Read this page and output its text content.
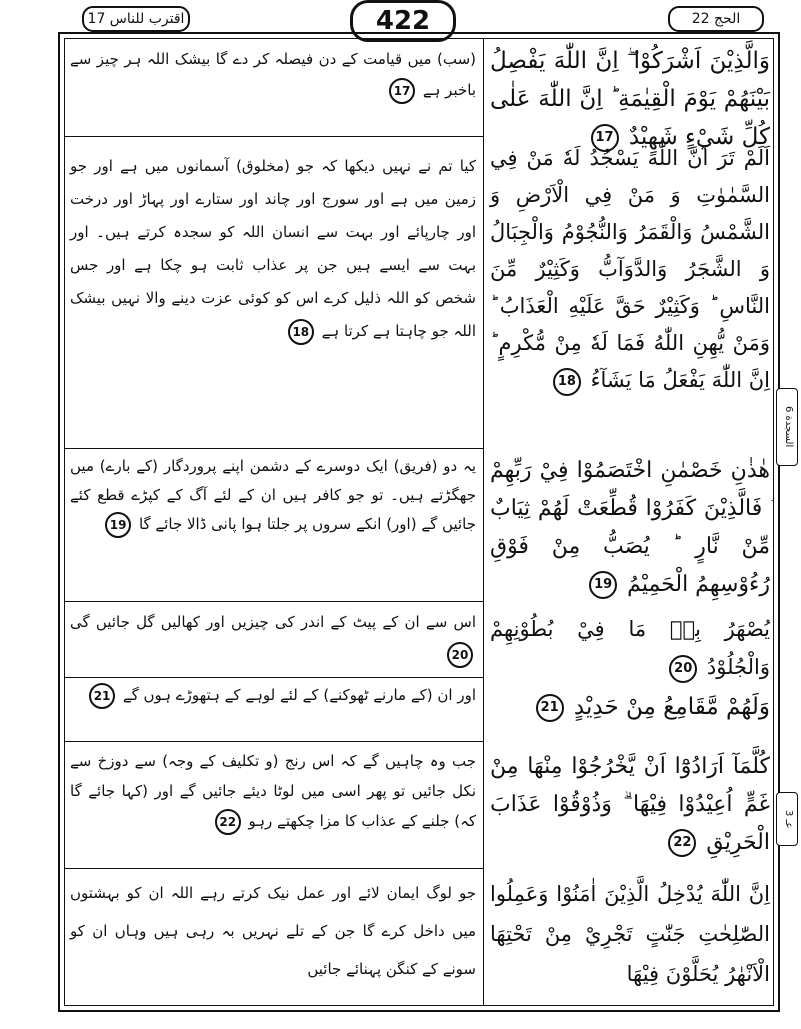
الحج 22
422
اقترب للناس 17
السجدة 6
عـ 3
وَالَّذِيْنَ اَشْرَكُوْا ۖ اِنَّ اللّٰهَ يَفْصِلُ بَيْنَهُمْ يَوْمَ الْقِيٰمَةِ ؕ اِنَّ اللّٰهَ عَلٰى كُلِّ شَيْءٍ شَهِيْدٌ 17
(سب) میں قیامت کے دن فیصلہ کر دے گا بیشک اللہ ہر چیز سے باخبر ہے 17
اَلَمْ تَرَ اَنَّ اللّٰهَ يَسْجُدُ لَهٗ مَنْ فِي السَّمٰوٰتِ وَ مَنْ فِي الْاَرْضِ وَ الشَّمْسُ وَالْقَمَرُ وَالنُّجُوْمُ وَالْجِبَالُ وَ الشَّجَرُ وَالدَّوَآبُّ وَكَثِيْرٌ مِّنَ النَّاسِ ؕ وَكَثِيْرٌ حَقَّ عَلَيْهِ الْعَذَابُ ؕ وَمَنْ يُّهِنِ اللّٰهُ فَمَا لَهٗ مِنْ مُّكْرِمٍ ؕ اِنَّ اللّٰهَ يَفْعَلُ مَا يَشَآءُ 18
کیا تم نے نہیں دیکھا کہ جو (مخلوق) آسمانوں میں ہے اور جو زمین میں ہے اور سورج اور چاند اور ستارے اور پہاڑ اور درخت اور چارپائے اور بہت سے انسان اللہ کو سجدہ کرتے ہیں۔ اور بہت سے ایسے ہیں جن پر عذاب ثابت ہو چکا ہے اور جس شخص کو اللہ ذلیل کرے اس کو کوئی عزت دینے والا نہیں بیشک اللہ جو چاہتا ہے کرتا ہے 18
هٰذٰنِ خَصْمٰنِ اخْتَصَمُوْا فِيْ رَبِّهِمْ ؗ فَالَّذِيْنَ كَفَرُوْا قُطِّعَتْ لَهُمْ ثِيَابٌ مِّنْ نَّارٍ ؕ يُصَبُّ مِنْ فَوْقِ رُءُوْسِهِمُ الْحَمِيْمُ 19
یہ دو (فریق) ایک دوسرے کے دشمن اپنے پروردگار (کے بارے) میں جھگڑتے ہیں۔ تو جو کافر ہیں ان کے لئے آگ کے کپڑے قطع کئے جائیں گے (اور) انکے سروں پر جلتا ہوا پانی ڈالا جائے گا 19
يُصْهَرُ بِهٖ مَا فِيْ بُطُوْنِهِمْ وَالْجُلُوْدُ 20
اس سے ان کے پیٹ کے اندر کی چیزیں اور کھالیں گل جائیں گی 20
وَلَهُمْ مَّقَامِعُ مِنْ حَدِيْدٍ 21
اور ان (کے مارنے ٹھوکنے) کے لئے لوہے کے ہتھوڑے ہوں گے 21
كُلَّمَآ اَرَادُوْٓا اَنْ يَّخْرُجُوْا مِنْهَا مِنْ غَمٍّ اُعِيْدُوْا فِيْهَا ۗ وَذُوْقُوْا عَذَابَ الْحَرِيْقِ 22
جب وہ چاہیں گے کہ اس رنج (و تکلیف کے وجہ) سے دوزخ سے نکل جائیں تو پھر اسی میں لوٹا دیئے جائیں گے اور (کہا جائے گا کہ) جلنے کے عذاب کا مزا چکھتے رہو 22
اِنَّ اللّٰهَ يُدْخِلُ الَّذِيْنَ اٰمَنُوْا وَعَمِلُوا الصّٰلِحٰتِ جَنّٰتٍ تَجْرِيْ مِنْ تَحْتِهَا الْاَنْهٰرُ يُحَلَّوْنَ فِيْهَا
جو لوگ ایمان لائے اور عمل نیک کرتے رہے اللہ ان کو بہشتوں میں داخل کرے گا جن کے تلے نہریں بہ رہی ہیں وہاں ان کو سونے کے کنگن پہنائے جائیں
